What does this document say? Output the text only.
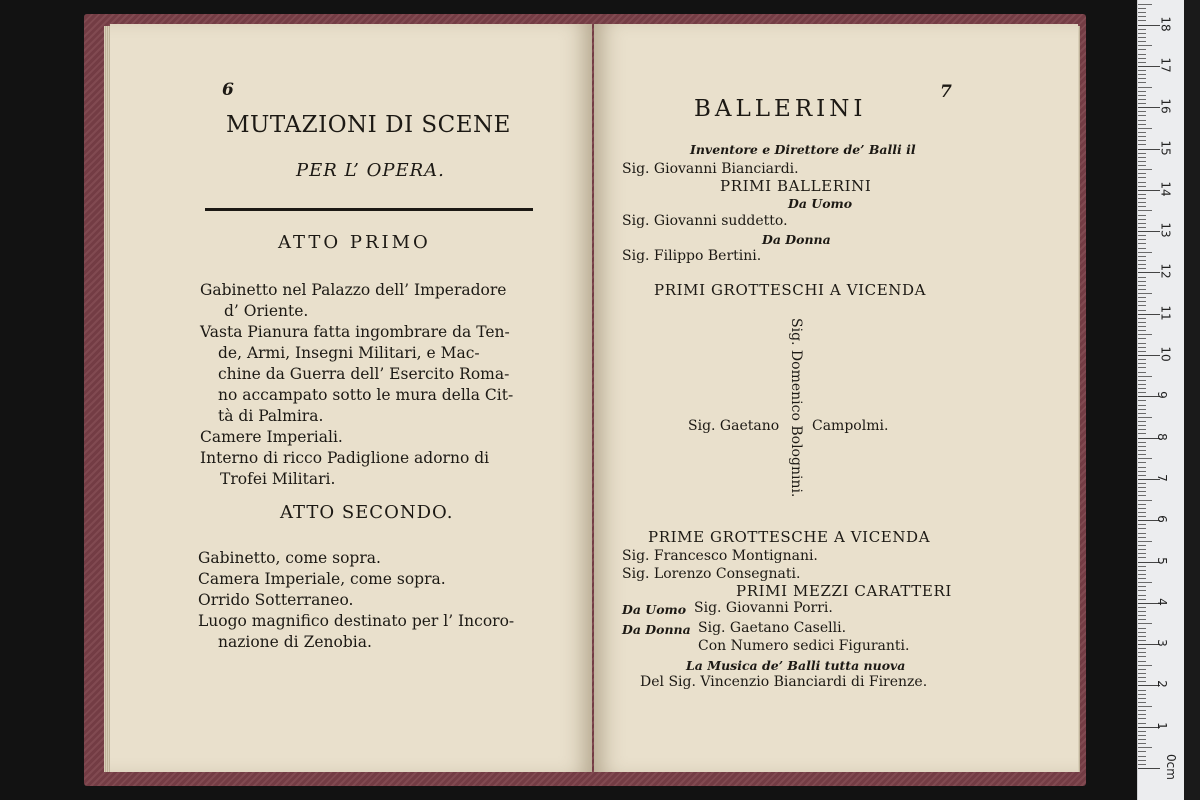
6
MUTAZIONI DI SCENE
PER L’ OPERA.
ATTO PRIMO
Gabinetto nel Palazzo dell’ Imperadore
d’ Oriente.
Vasta Pianura fatta ingombrare da Ten-
de, Armi, Insegni Militari, e Mac-
chine da Guerra dell’ Esercito Roma-
no accampato sotto le mura della Cit-
tà di Palmira.
Camere Imperiali.
Interno di ricco Padiglione adorno di
Trofei Militari.
ATTO SECONDO.
Gabinetto, come sopra.
Camera Imperiale, come sopra.
Orrido Sotterraneo.
Luogo magnifico destinato per l’ Incoro-
nazione di Zenobia.
7
BALLERINI
Inventore e Direttore de’ Balli il
Sig. Giovanni Bianciardi.
PRIMI BALLERINI
Da Uomo
Sig. Giovanni suddetto.
Da Donna
Sig. Filippo Bertini.
PRIMI GROTTESCHI A VICENDA
Sig. Domenico Bolognini.
Sig. Gaetano Campolmi.
PRIME GROTTESCHE A VICENDA
Sig. Francesco Montignani.
Sig. Lorenzo Consegnati.
PRIMI MEZZI CARATTERI
Da Uomo Sig. Giovanni Porri.
Da Donna Sig. Gaetano Caselli.
Con Numero sedici Figuranti.
La Musica de’ Balli tutta nuova
Del Sig. Vincenzio Bianciardi di Firenze.
0cm
1
2
3
4
5
6
7
8
9
10
11
12
13
14
15
16
17
18
